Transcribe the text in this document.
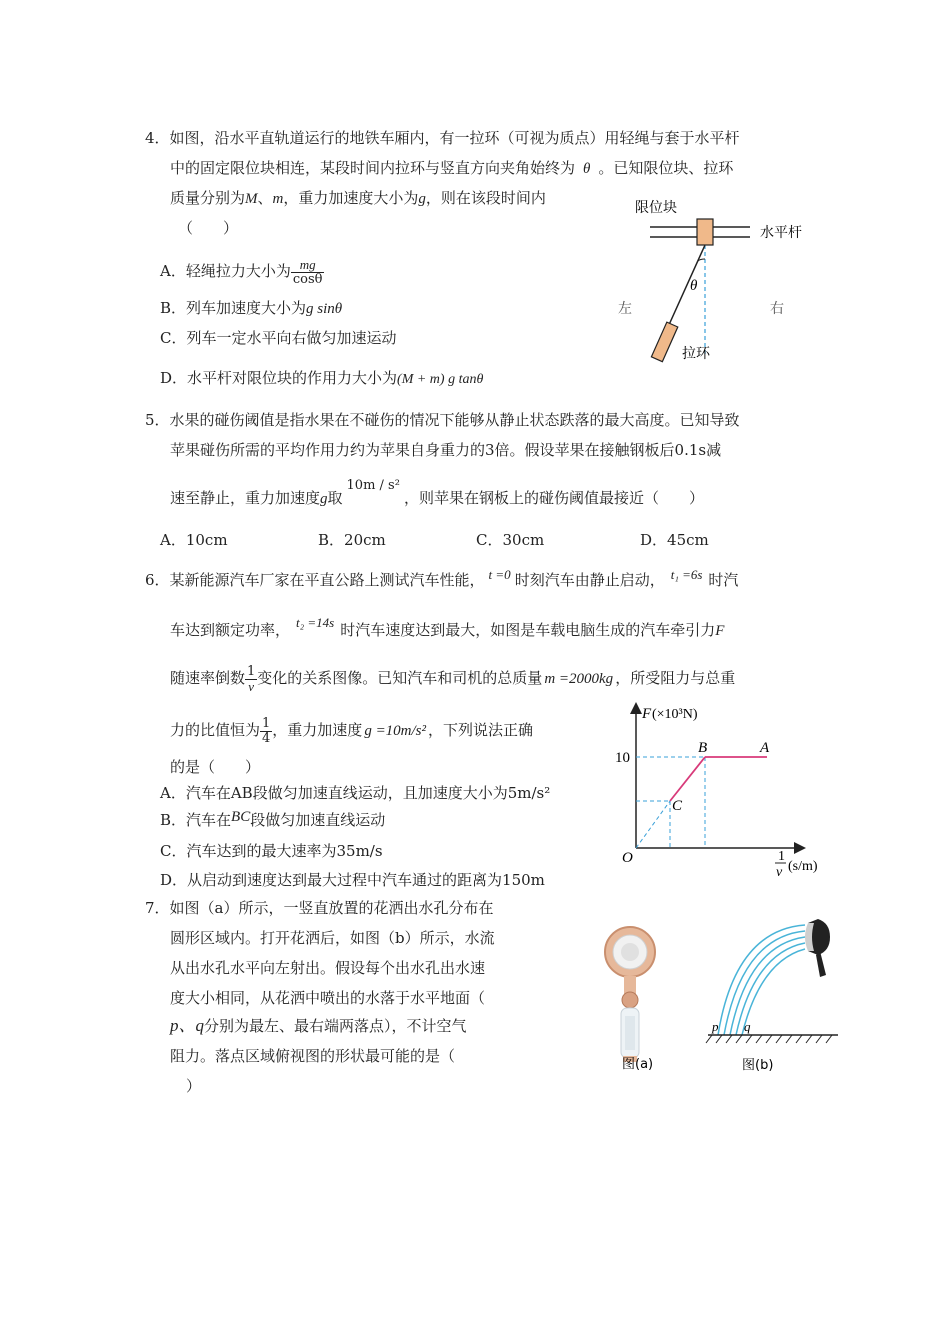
4．如图，沿水平直轨道运行的地铁车厢内，有一拉环（可视为质点）用轻绳与套于水平杆
中的固定限位块相连，某段时间内拉环与竖直方向夹角始终为 θ 。已知限位块、拉环
质量分别为M、m，重力加速度大小为g，则在该段时间内
（　　）
A．轻绳拉力大小为 $\frac{mg}{\cos\theta}$
B．列车加速度大小为g sinθ
C．列车一定水平向右做匀加速运动
D．水平杆对限位块的作用力大小为(M + m) g tanθ
限位块
水平杆
左	右
θ
拉环
5．水果的碰伤阈值是指水果在不碰伤的情况下能够从静止状态跌落的最大高度。已知导致
苹果碰伤所需的平均作用力约为苹果自身重力的3倍。假设苹果在接触钢板后0.1s减
速至静止，重力加速度g取10m / s²，则苹果在钢板上的碰伤阈值最接近（　　）
A．10cm	B．20cm	C．30cm	D．45cm
6．某新能源汽车厂家在平直公路上测试汽车性能， t =0 时刻汽车由静止启动， t₁ =6s 时汽
车达到额定功率， t₂ =14s 时汽车速度达到最大，如图是车载电脑生成的汽车牵引力F
随速率倒数 $\frac{1}{v}$ 变化的关系图像。已知汽车和司机的总质量 m =2000kg ，所受阻力与总重
力的比值恒为 $\frac{1}{4}$ ，重力加速度 g =10m/s² ，下列说法正确
的是（　　）
A．汽车在AB段做匀加速直线运动，且加速度大小为5m/s²
B．汽车在BC段做匀加速直线运动
C．汽车达到的最大速率为35m/s
D．从启动到速度达到最大过程中汽车通过的距离为150m
F (×10³N)
10
B	A
C
O	1
v (s/m)
7．如图（a）所示，一竖直放置的花洒出水孔分布在
圆形区域内。打开花洒后，如图（b）所示，水流
从出水孔水平向左射出。假设每个出水孔出水速
度大小相同，从花洒中喷出的水落于水平地面（
p、q分别为最左、最右端两落点），不计空气
阻力。落点区域俯视图的形状最可能的是（
）
图(a)
p q
图(b)
